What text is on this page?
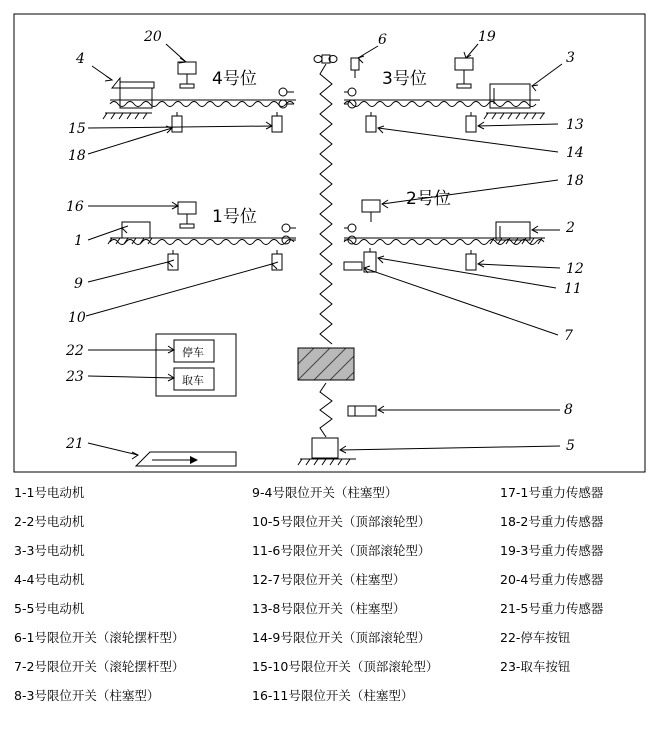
4号位	3号位
1号位
2号位
停车
取车
4
20
15
18
6	19
3
13
14
18
16
1
9
10
2
12
11
7
8
5
22
23
21
1-1号电动机
2-2号电动机
3-3号电动机
4-4号电动机
5-5号电动机
6-1号限位开关（滚轮摆杆型）
7-2号限位开关（滚轮摆杆型）
8-3号限位开关（柱塞型）
9-4号限位开关（柱塞型）
10-5号限位开关（顶部滚轮型）
11-6号限位开关（顶部滚轮型）
12-7号限位开关（柱塞型）
13-8号限位开关（柱塞型）
14-9号限位开关（顶部滚轮型）
15-10号限位开关（顶部滚轮型）
16-11号限位开关（柱塞型）
17-1号重力传感器
18-2号重力传感器
19-3号重力传感器
20-4号重力传感器
21-5号重力传感器
22-停车按钮
23-取车按钮
